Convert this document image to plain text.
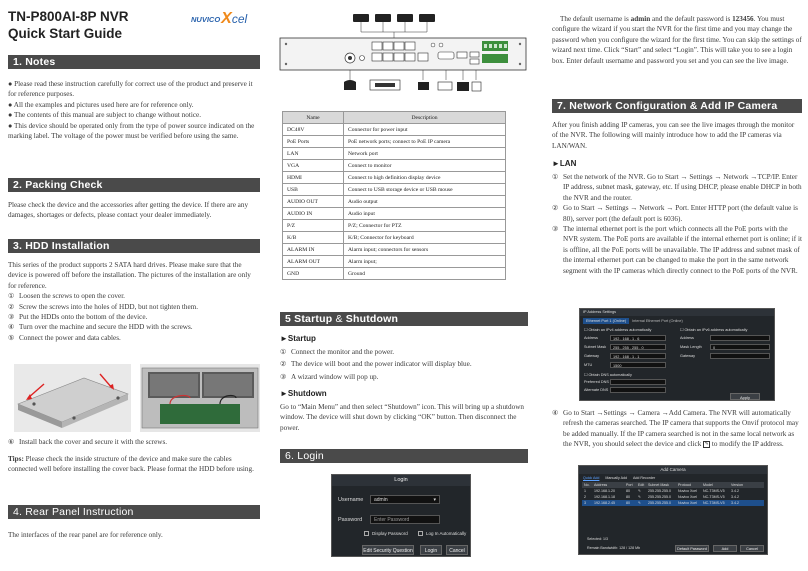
TN-P800AI-8P NVR
Quick Start Guide
NUVICO X cel
1. Notes
● Please read these instruction carefully for correct use of the product and preserve it for reference purposes.
● All the examples and pictures used here are for reference only.
● The contents of this manual are subject to change without notice.
● This device should be operated only from the type of power source indicated on the marking label. The voltage of the power must be verified before using the same.
2. Packing Check
Please check the device and the accessories after getting the device. If there are any damages, shortages or defects, please contact your dealer immediately.
3. HDD Installation
This series of the product supports 2 SATA hard drives. Please make sure that the device is powered off before the installation. The pictures of the installation are only for reference.
① Loosen the screws to open the cover.
② Screw the screws into the holes of HDD, but not tighten them.
③ Put the HDDs onto the bottom of the device.
④ Turn over the machine and secure the HDD with the screws.
⑤ Connect the power and data cables.
⑥ Install back the cover and secure it with the screws.
Tips: Please check the inside structure of the device and make sure the cables connected well before installing the cover back. Please format the HDD before using.
4. Rear Panel Instruction
The interfaces of the rear panel are for reference only.
Name	Description
DC48V	Connector for power input
PoE Ports	PoE network ports; connect to PoE IP camera
LAN	Network port
VGA	Connect to monitor
HDMI	Connect to high definition display device
USB	Connect to USB storage device or USB mouse
AUDIO OUT	Audio output
AUDIO IN	Audio input
P/Z	P/Z; Connector for PTZ
K/B	K/B; Connector for keyboard
ALARM IN	Alarm input; connectors for sensors
ALARM OUT	Alarm input;
GND	Ground
5 Startup & Shutdown
►Startup
① Connect the monitor and the power.
② The device will boot and the power indicator will display blue.
③ A wizard window will pop up.
►Shutdown
Go to “Main Menu” and then select “Shutdown” icon. This will bring up a shutdown window. The device will shut down by clicking “OK” button. Then disconnect the power.
6. Login
Login
Username	admin	▾
Password	Enter Password
Display Password	Log In Automatically
Edit Security Question	Login	Cancel
The default username is admin and the default password is 123456. You must configure the wizard if you start the NVR for the first time and you may change the password when you configure the wizard for the first time. You can skip the settings of wizard next time. Click “Start” and select “Login”. This will take you to see a login box. Enter default username and password you set and you can see the live image.
7. Network Configuration & Add IP Camera
After you finish adding IP cameras, you can see the live images through the monitor of the NVR. The following will mainly introduce how to add the IP cameras via LAN/WAN.
►LAN
① Set the network of the NVR. Go to Start → Settings → Network →TCP/IP. Enter IP address, subnet mask, gateway, etc. If using DHCP, please enable DHCP in both the NVR and the router.
② Go to Start → Settings → Network → Port. Enter HTTP port (the default value is 80), server port (the default port is 6036).
③ The internal ethernet port is the port which connects all the PoE ports with the NVR system. The PoE ports are available if the internal ethernet port is online; if it is offline, all the PoE ports will be unavailable. The IP address and subnet mask of the internal ethernet port can be changed to make the port in the same network segment with the IP cameras which directly connect to the PoE ports of the NVR.
IP Address Settings
Ethernet Port 1 (Online)	Internal Ethernet Port (Online)
☐ Obtain an IPv4 address automatically	☐ Obtain an IPv6 address automatically
Address	192 . 168 . 1 . 6
Subnet Mask	255 . 255 . 255 . 0
Gateway	192 . 168 . 1 . 1
MTU	1500
Address
Mask Length	0
Gateway
☐ Obtain DNS automatically
Preferred DNS
Alternate DNS
Apply
④ Go to Start →Settings → Camera →Add Camera. The NVR will automatically refresh the cameras searched. The IP camera that supports the Onvif protocol may be added manually. If the IP camera searched is not in the same local network as the NVR, you should select the device and click ✎ to modify the IP address.
Add Camera
Quick Add Manually Add Add Recorder
No.	Address	Port	Edit	Subnet Mask	Protocol	Model	Version
1	192.168.1.20	80	✎	255.255.255.0	Nuvico Xcel	NC-T3MS-V5	3.4.2
2	192.168.1.18	80	✎	255.255.255.0	Nuvico Xcel	NC-T3MS-V5	3.4.2
3	192.168.2.45	80	✎	255.255.255.0	Nuvico Xcel	NC-T3MS-V5	3.4.2
Selected: 1/3
Remain Bandwidth: 128 / 128 Mb	Default Password	Add	Cancel
